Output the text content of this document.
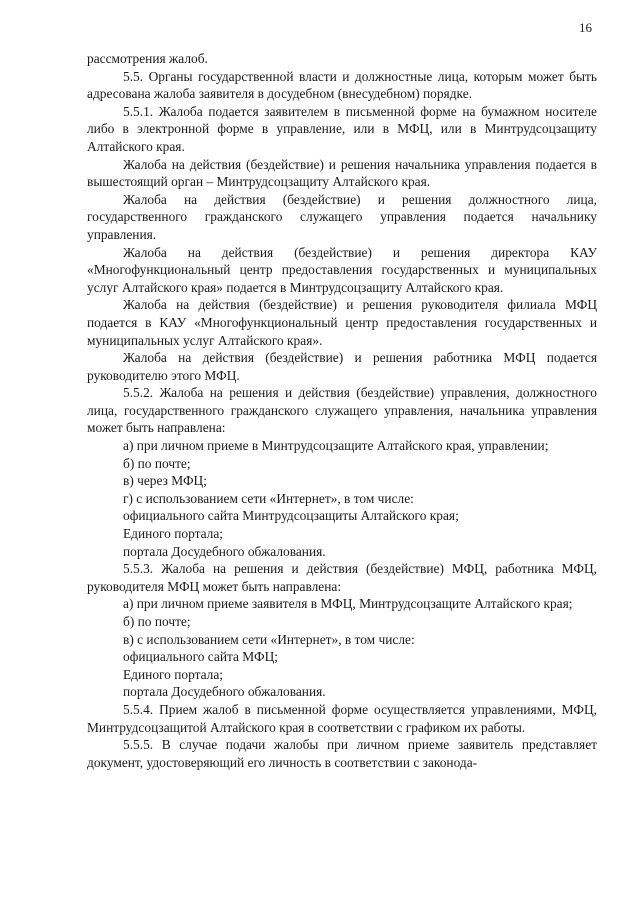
16

рассмотрения жалоб.

5.5. Органы государственной власти и должностные лица, которым может быть адресована жалоба заявителя в досудебном (внесудебном) порядке.

5.5.1. Жалоба подается заявителем в письменной форме на бумажном носителе либо в электронной форме в управление, или в МФЦ, или в Минтрудсоцзащиту Алтайского края.

Жалоба на действия (бездействие) и решения начальника управления подается в вышестоящий орган – Минтрудсоцзащиту Алтайского края.

Жалоба на действия (бездействие) и решения должностного лица, государственного гражданского служащего управления подается начальнику управления.

Жалоба на действия (бездействие) и решения директора КАУ «Многофункциональный центр предоставления государственных и муниципальных услуг Алтайского края» подается в Минтрудсоцзащиту Алтайского края.

Жалоба на действия (бездействие) и решения руководителя филиала МФЦ подается в КАУ «Многофункциональный центр предоставления государственных и муниципальных услуг Алтайского края».

Жалоба на действия (бездействие) и решения работника МФЦ подается руководителю этого МФЦ.

5.5.2. Жалоба на решения и действия (бездействие) управления, должностного лица, государственного гражданского служащего управления, начальника управления может быть направлена:

а) при личном приеме в Минтрудсоцзащите Алтайского края, управлении;

б) по почте;

в) через МФЦ;

г) с использованием сети «Интернет», в том числе:

официального сайта Минтрудсоцзащиты Алтайского края;

Единого портала;

портала Досудебного обжалования.

5.5.3. Жалоба на решения и действия (бездействие) МФЦ, работника МФЦ, руководителя МФЦ может быть направлена:

а) при личном приеме заявителя в МФЦ, Минтрудсоцзащите Алтайского края;

б) по почте;

в) с использованием сети «Интернет», в том числе:

официального сайта МФЦ;

Единого портала;

портала Досудебного обжалования.

5.5.4. Прием жалоб в письменной форме осуществляется управлениями, МФЦ, Минтрудсоцзащитой Алтайского края в соответствии с графиком их работы.

5.5.5. В случае подачи жалобы при личном приеме заявитель представляет документ, удостоверяющий его личность в соответствии с законода-
